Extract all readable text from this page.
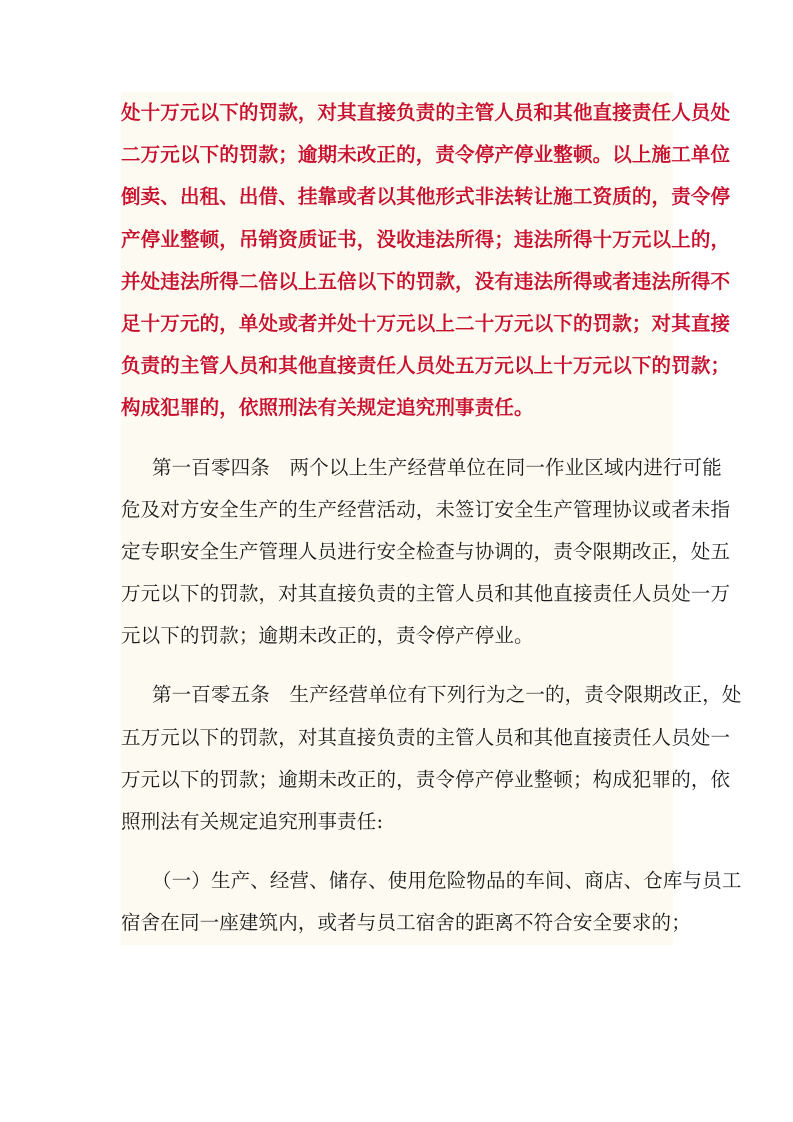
处十万元以下的罚款，对其直接负责的主管人员和其他直接责任人员处
二万元以下的罚款；逾期未改正的，责令停产停业整顿。以上施工单位
倒卖、出租、出借、挂靠或者以其他形式非法转让施工资质的，责令停
产停业整顿，吊销资质证书，没收违法所得；违法所得十万元以上的，
并处违法所得二倍以上五倍以下的罚款，没有违法所得或者违法所得不
足十万元的，单处或者并处十万元以上二十万元以下的罚款；对其直接
负责的主管人员和其他直接责任人员处五万元以上十万元以下的罚款；
构成犯罪的，依照刑法有关规定追究刑事责任。

第一百零四条　两个以上生产经营单位在同一作业区域内进行可能
危及对方安全生产的生产经营活动，未签订安全生产管理协议或者未指
定专职安全生产管理人员进行安全检查与协调的，责令限期改正，处五
万元以下的罚款，对其直接负责的主管人员和其他直接责任人员处一万
元以下的罚款；逾期未改正的，责令停产停业。

第一百零五条　生产经营单位有下列行为之一的，责令限期改正，处
五万元以下的罚款，对其直接负责的主管人员和其他直接责任人员处一
万元以下的罚款；逾期未改正的，责令停产停业整顿；构成犯罪的，依
照刑法有关规定追究刑事责任:

（一）生产、经营、储存、使用危险物品的车间、商店、仓库与员工
宿舍在同一座建筑内，或者与员工宿舍的距离不符合安全要求的；
